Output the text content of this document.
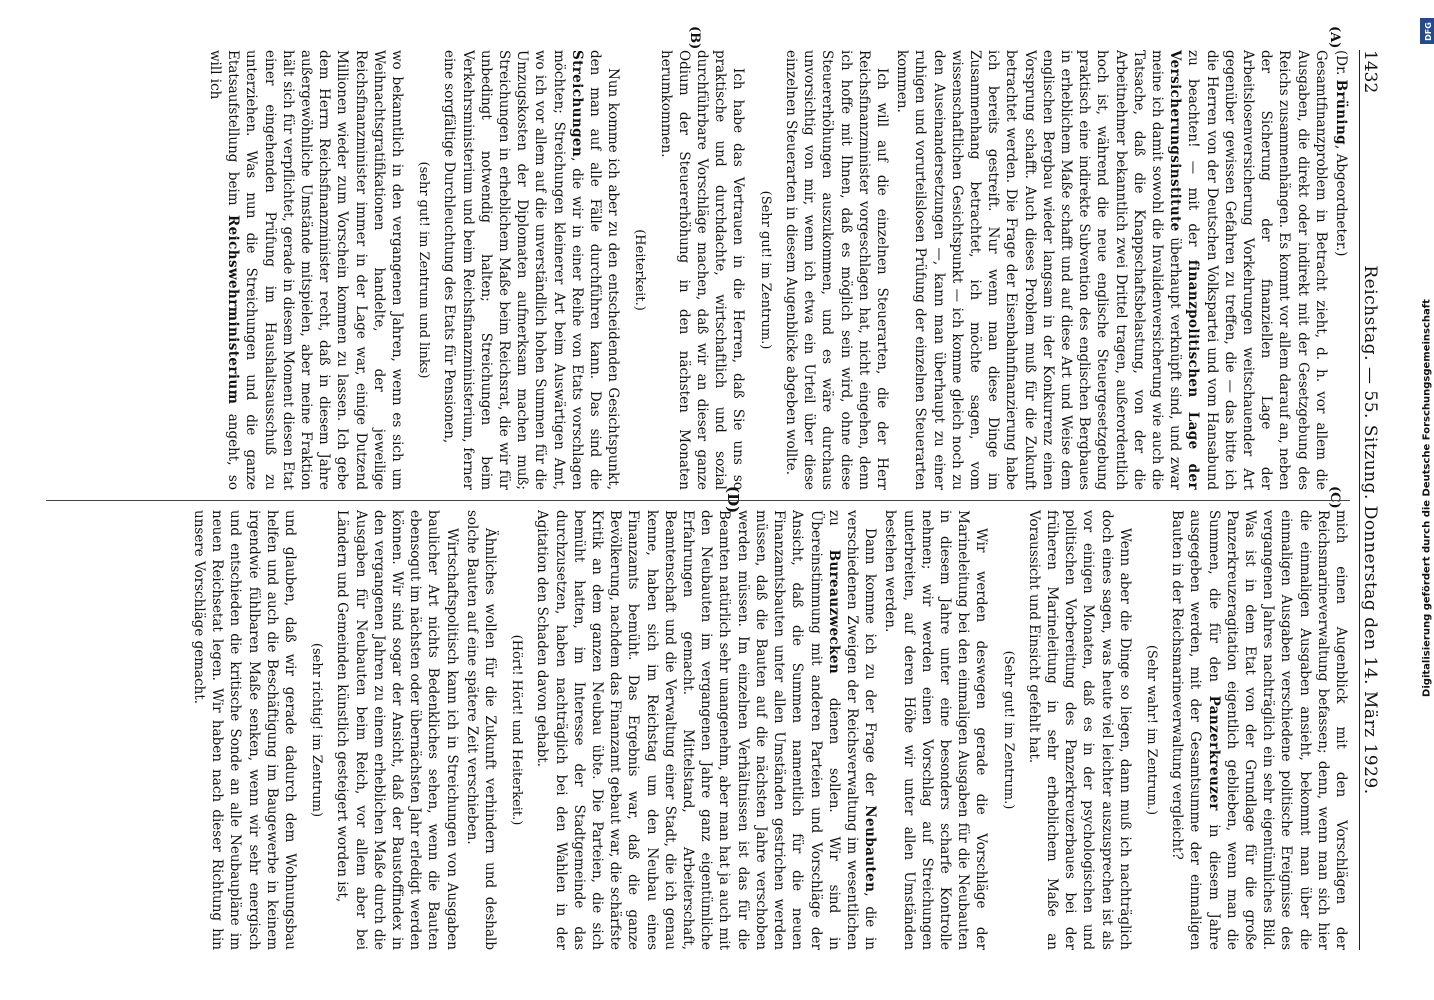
1432
Reichstag. — 55. Sitzung. Donnerstag den 14. März 1929.
(A)
(B)
(C)
(D)

(Dr. Brüning, Abgeordneter.)

Gesamtfinanzproblem in Betracht zieht, d. h. vor allem die Ausgaben, die direkt oder indirekt mit der Gesetzgebung des Reichs zusammenhängen. Es kommt vor allem darauf an, neben der Sicherung der finanziellen Lage der Arbeitslosenversicherung Vorkehrungen weitschauender Art gegenüber gewissen Gefahren zu treffen, die — das bitte ich die Herren von der Deutschen Volkspartei und vom Hansabund zu beachten! — mit der finanzpolitischen Lage der Versicherungsinstitute überhaupt verknüpft sind, und zwar meine ich damit sowohl die Invalidenversicherung wie auch die Tatsache, daß die Knappschaftsbelastung, von der die Arbeitnehmer bekanntlich zwei Drittel tragen, außerordentlich hoch ist, während die neue englische Steuergesetzgebung praktisch eine indirekte Subvention des englischen Bergbaues in erheblichem Maße schafft und auf diese Art und Weise dem englischen Bergbau wieder langsam in der Konkurrenz einen Vorsprung schafft. Auch dieses Problem muß für die Zukunft betrachtet werden. Die Frage der Eisenbahnfinanzierung habe ich bereits gestreift. Nur wenn man diese Dinge im Zusammenhang betrachtet, ich möchte sagen, vom wissenschaftlichen Gesichtspunkt — ich komme gleich noch zu den Auseinandersetzungen —, kann man überhaupt zu einer ruhigen und vorurteilslosen Prüfung der einzelnen Steuerarten kommen.

Ich will auf die einzelnen Steuerarten, die der Herr Reichsfinanzminister vorgeschlagen hat, nicht eingehen, denn ich hoffe mit Ihnen, daß es möglich sein wird, ohne diese Steuererhöhungen auszukommen, und es wäre durchaus unvorsichtig von mir, wenn ich etwa ein Urteil über diese einzelnen Steuerarten in diesem Augenblicke abgeben wollte.

(Sehr gut! im Zentrum.)

Ich habe das Vertrauen in die Herren, daß Sie uns so praktische und durchdachte, wirtschaftlich und sozial durchführbare Vorschläge machen, daß wir an dieser ganze Odium der Steuererhöhung in den nächsten Monaten herumkommen.

(Heiterkeit.)

Nun komme ich aber zu den entscheidenden Gesichtspunkt, den man auf alle Fälle durchführen kann. Das sind die Streichungen, die wir in einer Reihe von Etats vorschlagen möchten; Streichungen kleinerer Art beim Auswärtigen Amt, wo ich vor allem auf die unverständlich hohen Summen für die Umzugskosten der Diplomaten aufmerksam machen muß; Streichungen in erheblichem Maße beim Reichsrat, die wir für unbedingt notwendig halten; Streichungen beim Verkehrsministerium und beim Reichsfinanzministerium, ferner eine sorgfältige Durchleuchtung des Etats für Pensionen,

(sehr gut! im Zentrum und links)

wo bekanntlich in den vergangenen Jahren, wenn es sich um Weihnachtsgratifikationen handelte, der jeweilige Reichsfinanzminister immer in der Lage war, einige Dutzend Millionen wieder zum Vorschein kommen zu lassen. Ich gebe dem Herrn Reichsfinanzminister recht, daß in diesem Jahre außergewöhnliche Umstände mitspielen, aber meine Fraktion hält sich für verpflichtet, gerade in diesem Moment diesen Etat einer eingehenden Prüfung im Haushaltsausschuß zu unterziehen. Was nun die Streichungen und die ganze Etatsaufstellung beim Reichswehrministerium angeht, so will ich

mich einen Augenblick mit den Vorschlägen der Reichsmarineverwaltung befassen; denn, wenn man sich hier die einmaligen Ausgaben ansieht, bekommt man über die einmaligen Ausgaben verschiedene politische Ereignisse des vergangenen Jahres nachträglich ein sehr eigentümliches Bild. Was ist in dem Etat von der Grundlage für die große Panzerkreuzeragitation eigentlich geblieben, wenn man die Summen, die für den Panzerkreuzer in diesem Jahre ausgegeben werden, mit der Gesamtsumme der einmaligen Bauten in der Reichsmarineverwaltung vergleicht?

(Sehr wahr! im Zentrum.)

Wenn aber die Dinge so liegen, dann muß ich nachträglich doch eines sagen, was heute viel leichter auszusprechen ist als vor einigen Monaten, daß es in der psychologischen und politischen Vorbereitung des Panzerkreuzerbaues bei der früheren Marineleitung in sehr erheblichem Maße an Voraussicht und Einsicht gefehlt hat.

(Sehr gut! im Zentrum.)

Wir werden deswegen gerade die Vorschläge der Marineleitung bei den einmaligen Ausgaben für die Neubauten in diesem Jahre unter eine besonders scharfe Kontrolle nehmen; wir werden einen Vorschlag auf Streichungen unterbreiten, auf deren Höhe wir unter allen Umständen bestehen werden.

Dann komme ich zu der Frage der Neubauten, die in verschiedenen Zweigen der Reichsverwaltung im wesentlichen zu Bureauzwecken dienen sollen. Wir sind in Übereinstimmung mit anderen Parteien und Vorschläge der Ansicht, daß die Summen namentlich für die neuen Finanzamtsbauten unter allen Umständen gestrichen werden müssen, daß die Bauten auf die nächsten Jahre verschoben werden müssen. Im einzelnen Verhältnissen ist das für die Beamten natürlich sehr unangenehm, aber man hat ja auch mit den Neubauten im vergangenen Jahre ganz eigentümliche Erfahrungen gemacht. Mittelstand, Arbeiterschaft, Beamtenschaft und die Verwaltung einer Stadt, die ich genau kenne, haben sich im Reichstag um den Neubau eines Finanzamts bemüht. Das Ergebnis war, daß die ganze Bevölkerung, nachdem das Finanzamt gebaut war, die schärfste Kritik an dem ganzen Neubau übte. Die Parteien, die sich bemüht hatten, im Interesse der Stadtgemeinde das durchzusetzen, haben nachträglich bei den Wahlen in der Agitation den Schaden davon gehabt.

(Hört! Hört! und Heiterkeit.)

Ähnliches wollen für die Zukunft verhindern und deshalb solche Bauten auf eine spätere Zeit verschieben.

Wirtschaftspolitisch kann ich in Streichungen von Ausgaben baulicher Art nichts Bedenkliches sehen, wenn die Bauten ebensogut im nächsten oder übernächsten Jahr erledigt werden können. Wir sind sogar der Ansicht, daß der Baustoffindex in den vergangenen Jahren zu einem erheblichen Maße durch die Ausgaben für Neubauten beim Reich, vor allem aber bei Ländern und Gemeinden künstlich gesteigert worden ist,

(sehr richtig! im Zentrum)

und glauben, daß wir gerade dadurch dem Wohnungsbau helfen und auch die Beschäftigung im Baugewerbe in keinem irgendwie fühlbaren Maße senken, wenn wir sehr energisch und entschieden die kritische Sonde an alle Neubaupläne im neuen Reichsetat legen. Wir haben nach dieser Richtung hin unsere Vorschläge gemacht.

DFG
Digitalisierung gefördert durch die Deutsche Forschungsgemeinschaft
